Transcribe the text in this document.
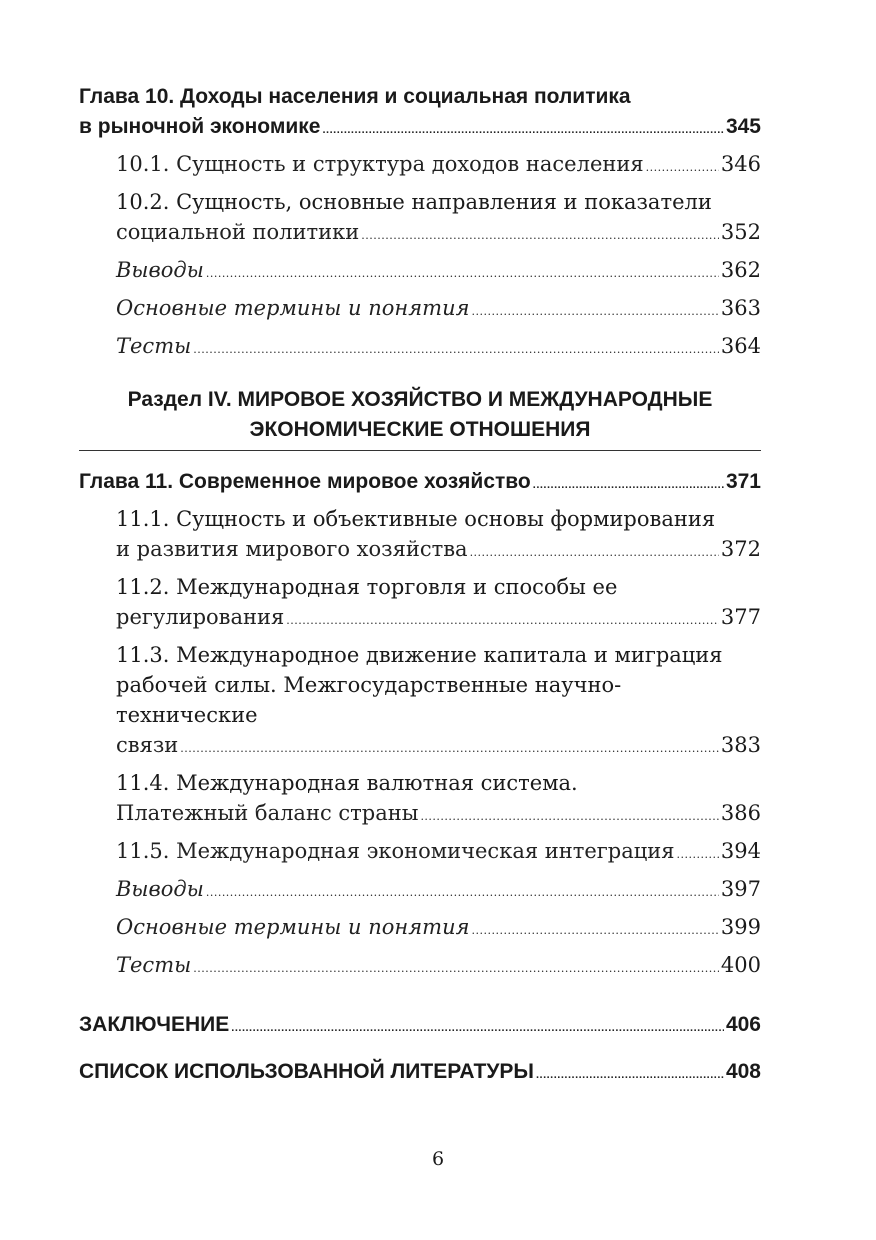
Глава 10. Доходы населения и социальная политика
в рыночной экономике .....	345
10.1. Сущность и структура доходов населения .....	346
10.2. Сущность, основные направления и показатели
социальной политики .....	352
Выводы .....	362
Основные термины и понятия .....	363
Тесты .....	364
Раздел IV. МИРОВОЕ ХОЗЯЙСТВО И МЕЖДУНАРОДНЫЕ
ЭКОНОМИЧЕСКИЕ ОТНОШЕНИЯ
Глава 11. Современное мировое хозяйство .....	371
11.1. Сущность и объективные основы формирования
и развития мирового хозяйства .....	372
11.2. Международная торговля и способы ее
регулирования .....	377
11.3. Международное движение капитала и миграция
рабочей силы. Межгосударственные научно-технические
связи .....	383
11.4. Международная валютная система.
Платежный баланс страны .....	386
11.5. Международная экономическая интеграция ..... 394
Выводы .....	397
Основные термины и понятия .....	399
Тесты .....	400
ЗАКЛЮЧЕНИЕ .....	406
СПИСОК ИСПОЛЬЗОВАННОЙ ЛИТЕРАТУРЫ .....	408
6
